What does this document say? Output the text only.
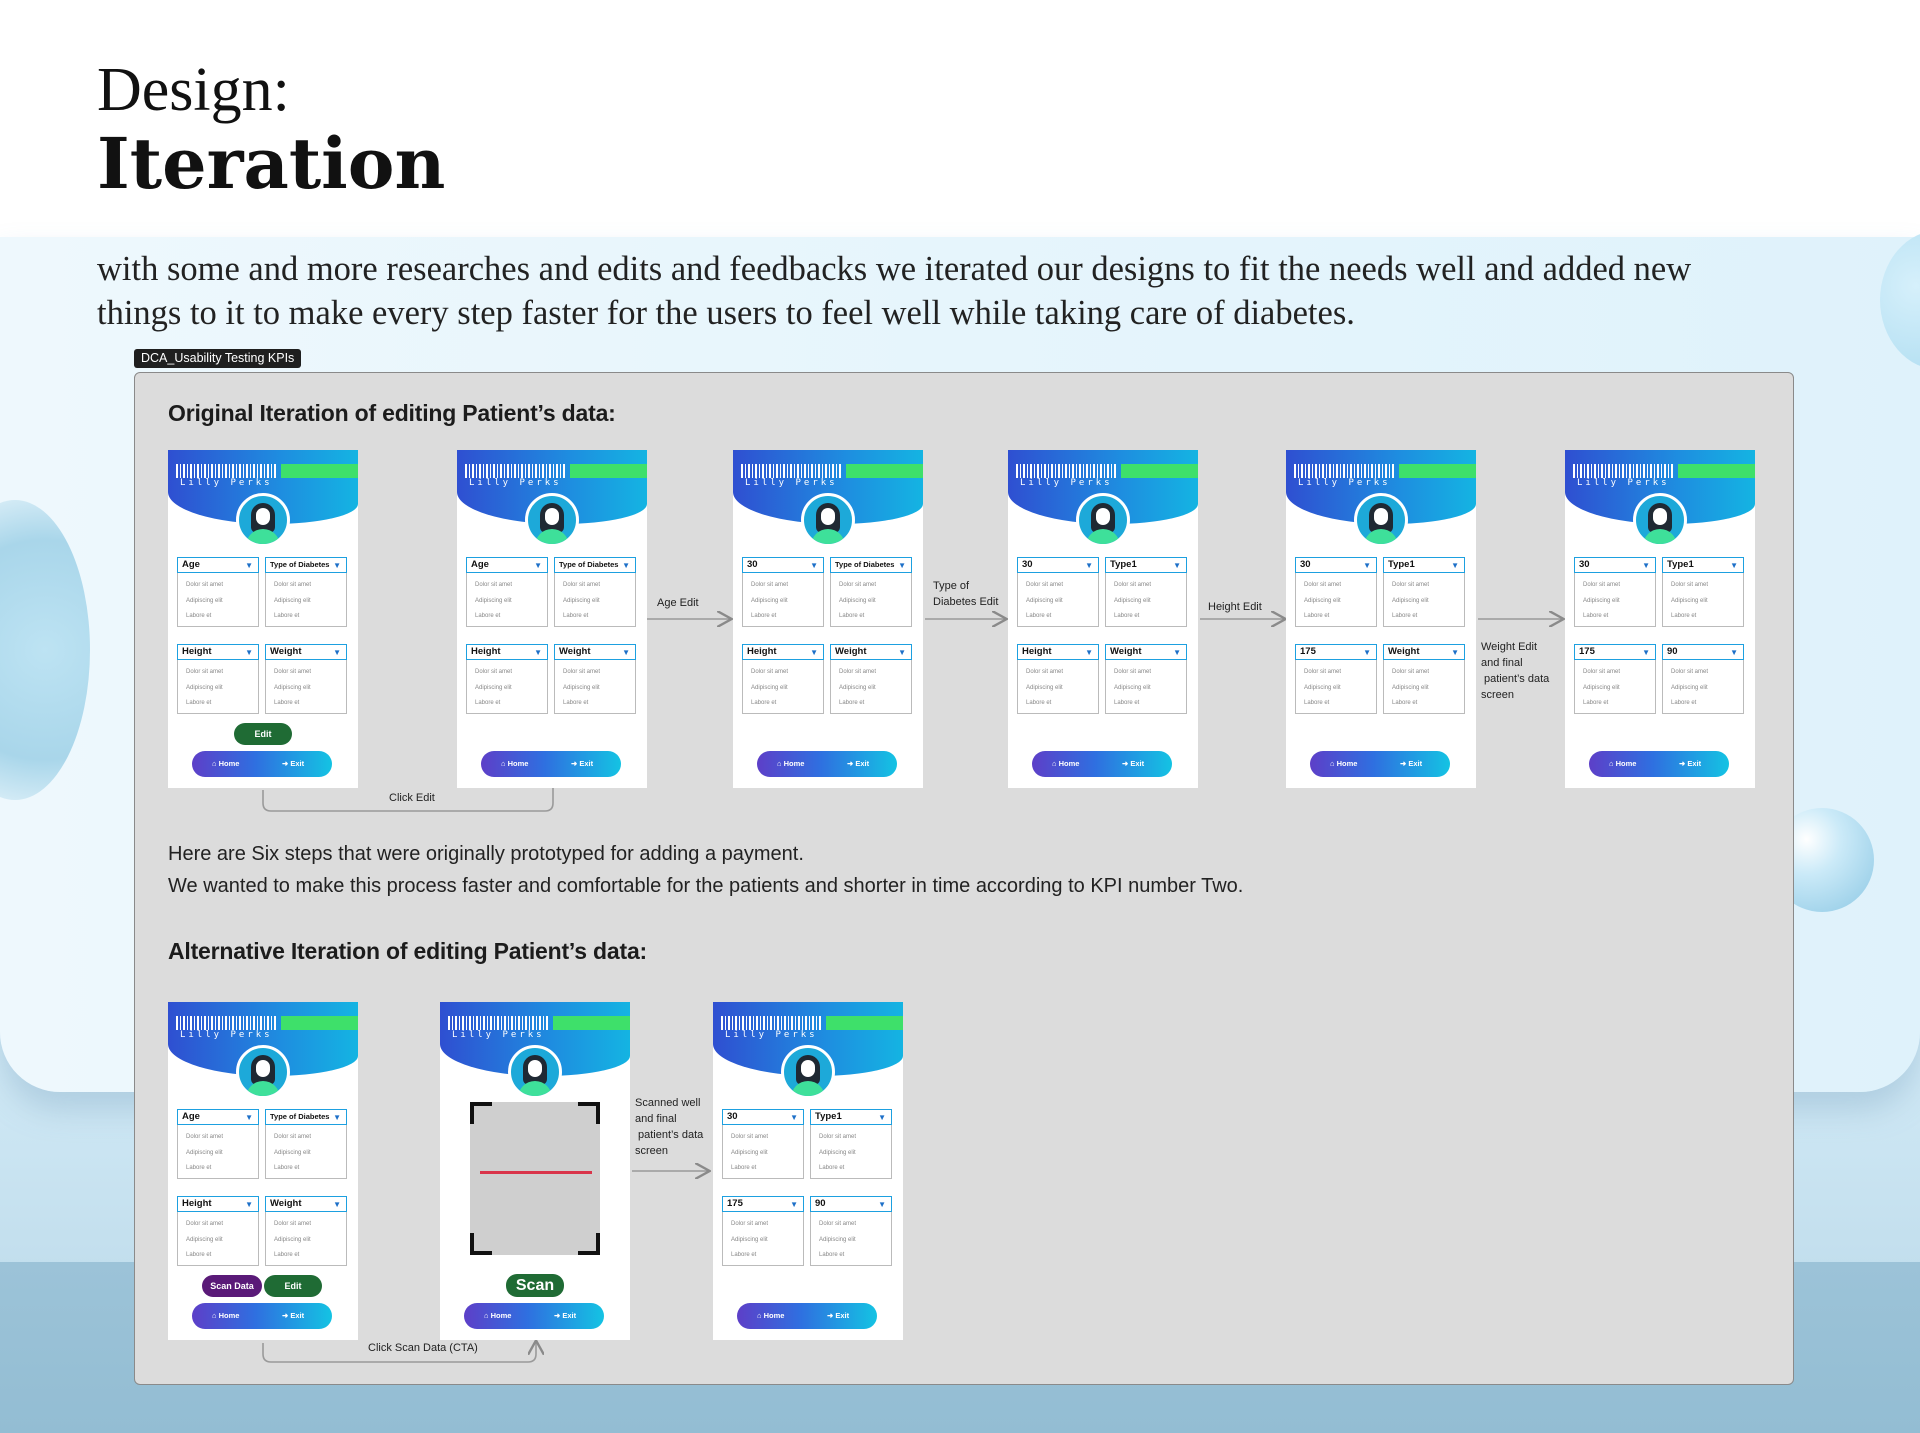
Design:
Iteration
with some and more researches and edits and feedbacks we iterated our designs to fit the needs well and added new
things to it to make every step faster for the users to feel well while taking care of diabetes.
DCA_Usability Testing KPIs
Original Iteration of editing Patient’s data:
Here are Six steps that were originally prototyped for adding a payment.
We wanted to make this process faster and comfortable for the patients and shorter in time according to KPI number Two.
Alternative Iteration of editing Patient’s data:
Click Edit
Age Edit
Type of
Diabetes Edit	Height Edit
Weight Edit
and final
patient’s data
screen
Scanned well
and final
patient’s data
screen
Click Scan Data (CTA)
Lilly Perks
Age	▼
Dolor sit amet
Adipiscing elit
Labore et
Type of Diabetes ▼
Dolor sit amet
Adipiscing elit
Labore et
Height	▼
Dolor sit amet
Adipiscing elit
Labore et
Weight	▼
Dolor sit amet
Adipiscing elit
Labore et
Edit
⌂ Home	➜ Exit
Lilly Perks
Age	▼
Dolor sit amet
Adipiscing elit
Labore et
Type of Diabetes ▼
Dolor sit amet
Adipiscing elit
Labore et
Height	▼
Dolor sit amet
Adipiscing elit
Labore et
Weight	▼
Dolor sit amet
Adipiscing elit
Labore et
⌂ Home	➜ Exit
Lilly Perks
30	▼
Dolor sit amet
Adipiscing elit
Labore et
Type of Diabetes ▼
Dolor sit amet
Adipiscing elit
Labore et
Height	▼
Dolor sit amet
Adipiscing elit
Labore et
Weight	▼
Dolor sit amet
Adipiscing elit
Labore et
⌂ Home	➜ Exit
Lilly Perks
30	▼
Dolor sit amet
Adipiscing elit
Labore et
Type1	▼
Dolor sit amet
Adipiscing elit
Labore et
Height	▼
Dolor sit amet
Adipiscing elit
Labore et
Weight	▼
Dolor sit amet
Adipiscing elit
Labore et
⌂ Home	➜ Exit
Lilly Perks
30	▼
Dolor sit amet
Adipiscing elit
Labore et
Type1	▼
Dolor sit amet
Adipiscing elit
Labore et
175	▼
Dolor sit amet
Adipiscing elit
Labore et
Weight	▼
Dolor sit amet
Adipiscing elit
Labore et
⌂ Home	➜ Exit
Lilly Perks
30	▼
Dolor sit amet
Adipiscing elit
Labore et
Type1	▼
Dolor sit amet
Adipiscing elit
Labore et
175	▼
Dolor sit amet
Adipiscing elit
Labore et
90	▼
Dolor sit amet
Adipiscing elit
Labore et
⌂ Home	➜ Exit
Lilly Perks
Age	▼
Dolor sit amet
Adipiscing elit
Labore et
Type of Diabetes ▼
Dolor sit amet
Adipiscing elit
Labore et
Height	▼
Dolor sit amet
Adipiscing elit
Labore et
Weight	▼
Dolor sit amet
Adipiscing elit
Labore et
Scan Data	Edit
⌂ Home	➜ Exit
Lilly Perks
Scan
⌂ Home	➜ Exit
Lilly Perks
30	▼
Dolor sit amet
Adipiscing elit
Labore et
Type1	▼
Dolor sit amet
Adipiscing elit
Labore et
175	▼
Dolor sit amet
Adipiscing elit
Labore et
90	▼
Dolor sit amet
Adipiscing elit
Labore et
⌂ Home	➜ Exit
